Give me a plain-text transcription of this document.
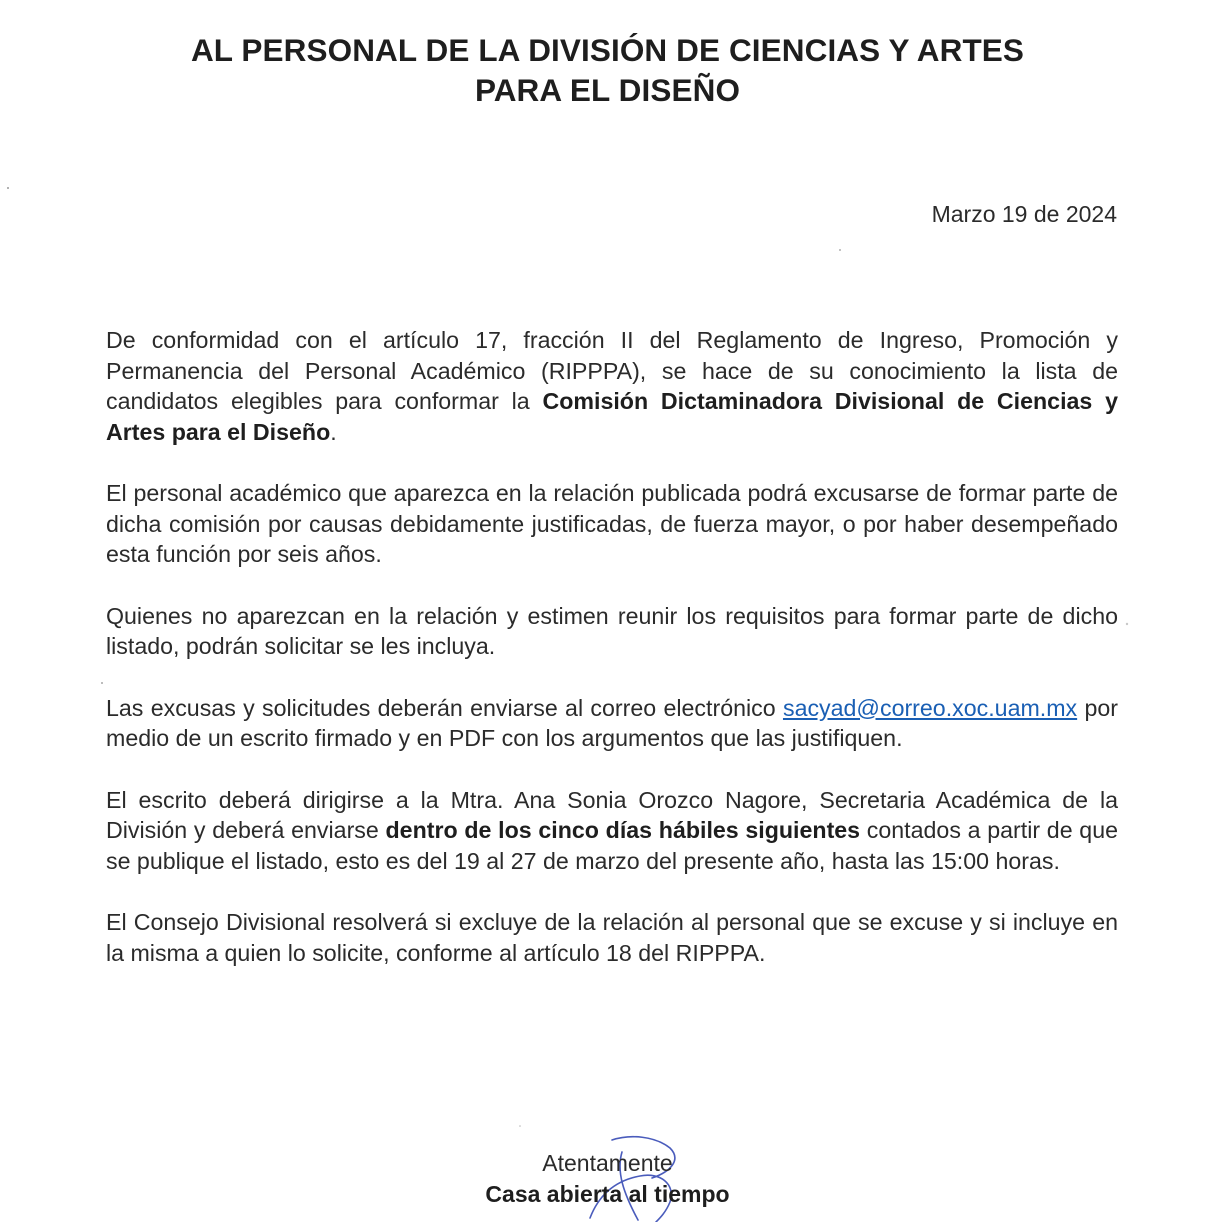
AL PERSONAL DE LA DIVISIÓN DE CIENCIAS Y ARTES
PARA EL DISEÑO
Marzo 19 de 2024

De conformidad con el artículo 17, fracción II del Reglamento de Ingreso, Promoción y Permanencia del Personal Académico (RIPPPA), se hace de su conocimiento la lista de candidatos elegibles para conformar la Comisión Dictaminadora Divisional de Ciencias y Artes para el Diseño.

El personal académico que aparezca en la relación publicada podrá excusarse de formar parte de dicha comisión por causas debidamente justificadas, de fuerza mayor, o por haber desempeñado esta función por seis años.

Quienes no aparezcan en la relación y estimen reunir los requisitos para formar parte de dicho listado, podrán solicitar se les incluya.

Las excusas y solicitudes deberán enviarse al correo electrónico sacyad@correo.xoc.uam.mx por medio de un escrito firmado y en PDF con los argumentos que las justifiquen.

El escrito deberá dirigirse a la Mtra. Ana Sonia Orozco Nagore, Secretaria Académica de la División y deberá enviarse dentro de los cinco días hábiles siguientes contados a partir de que se publique el listado, esto es del 19 al 27 de marzo del presente año, hasta las 15:00 horas.

El Consejo Divisional resolverá si excluye de la relación al personal que se excuse y si incluye en la misma a quien lo solicite, conforme al artículo 18 del RIPPPA.

Atentamente
Casa abierta al tiempo
